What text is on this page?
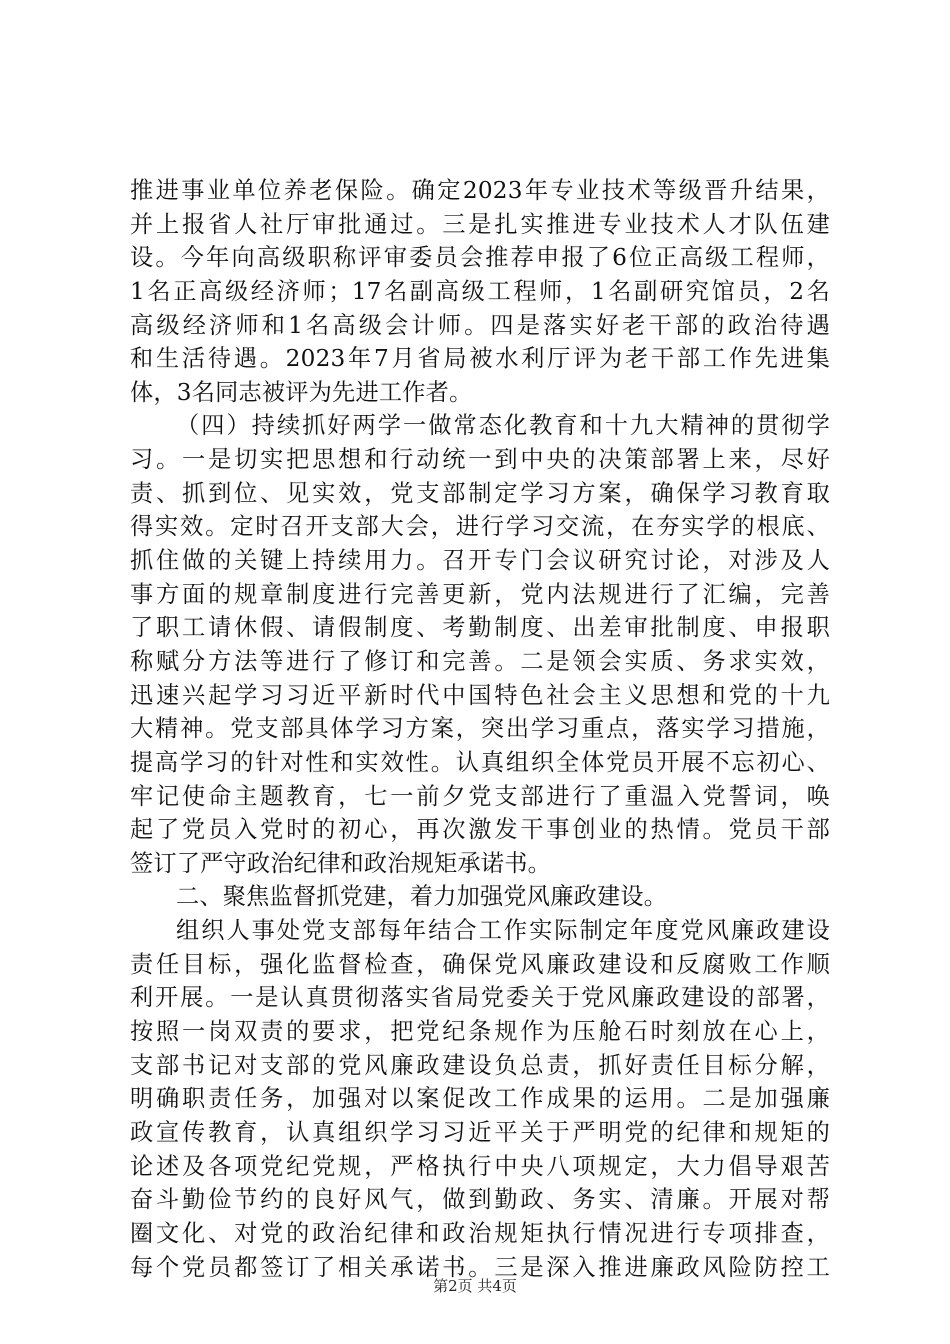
推进事业单位养老保险。确定2023年专业技术等级晋升结果，
并上报省人社厅审批通过。三是扎实推进专业技术人才队伍建
设。今年向高级职称评审委员会推荐申报了6位正高级工程师，
1名正高级经济师；17名副高级工程师，1名副研究馆员，2名
高级经济师和1名高级会计师。四是落实好老干部的政治待遇
和生活待遇。2023年7月省局被水利厅评为老干部工作先进集
体，3名同志被评为先进工作者。
（四）持续抓好两学一做常态化教育和十九大精神的贯彻学
习。一是切实把思想和行动统一到中央的决策部署上来，尽好
责、抓到位、见实效，党支部制定学习方案，确保学习教育取
得实效。定时召开支部大会，进行学习交流，在夯实学的根底、
抓住做的关键上持续用力。召开专门会议研究讨论，对涉及人
事方面的规章制度进行完善更新，党内法规进行了汇编，完善
了职工请休假、请假制度、考勤制度、出差审批制度、申报职
称赋分方法等进行了修订和完善。二是领会实质、务求实效，
迅速兴起学习习近平新时代中国特色社会主义思想和党的十九
大精神。党支部具体学习方案，突出学习重点，落实学习措施，
提高学习的针对性和实效性。认真组织全体党员开展不忘初心、
牢记使命主题教育，七一前夕党支部进行了重温入党誓词，唤
起了党员入党时的初心，再次激发干事创业的热情。党员干部
签订了严守政治纪律和政治规矩承诺书。
二、聚焦监督抓党建，着力加强党风廉政建设。
组织人事处党支部每年结合工作实际制定年度党风廉政建设
责任目标，强化监督检查，确保党风廉政建设和反腐败工作顺
利开展。一是认真贯彻落实省局党委关于党风廉政建设的部署，
按照一岗双责的要求，把党纪条规作为压舱石时刻放在心上，
支部书记对支部的党风廉政建设负总责，抓好责任目标分解，
明确职责任务，加强对以案促改工作成果的运用。二是加强廉
政宣传教育，认真组织学习习近平关于严明党的纪律和规矩的
论述及各项党纪党规，严格执行中央八项规定，大力倡导艰苦
奋斗勤俭节约的良好风气，做到勤政、务实、清廉。开展对帮
圈文化、对党的政治纪律和政治规矩执行情况进行专项排查，
每个党员都签订了相关承诺书。三是深入推进廉政风险防控工
第2页 共4页
